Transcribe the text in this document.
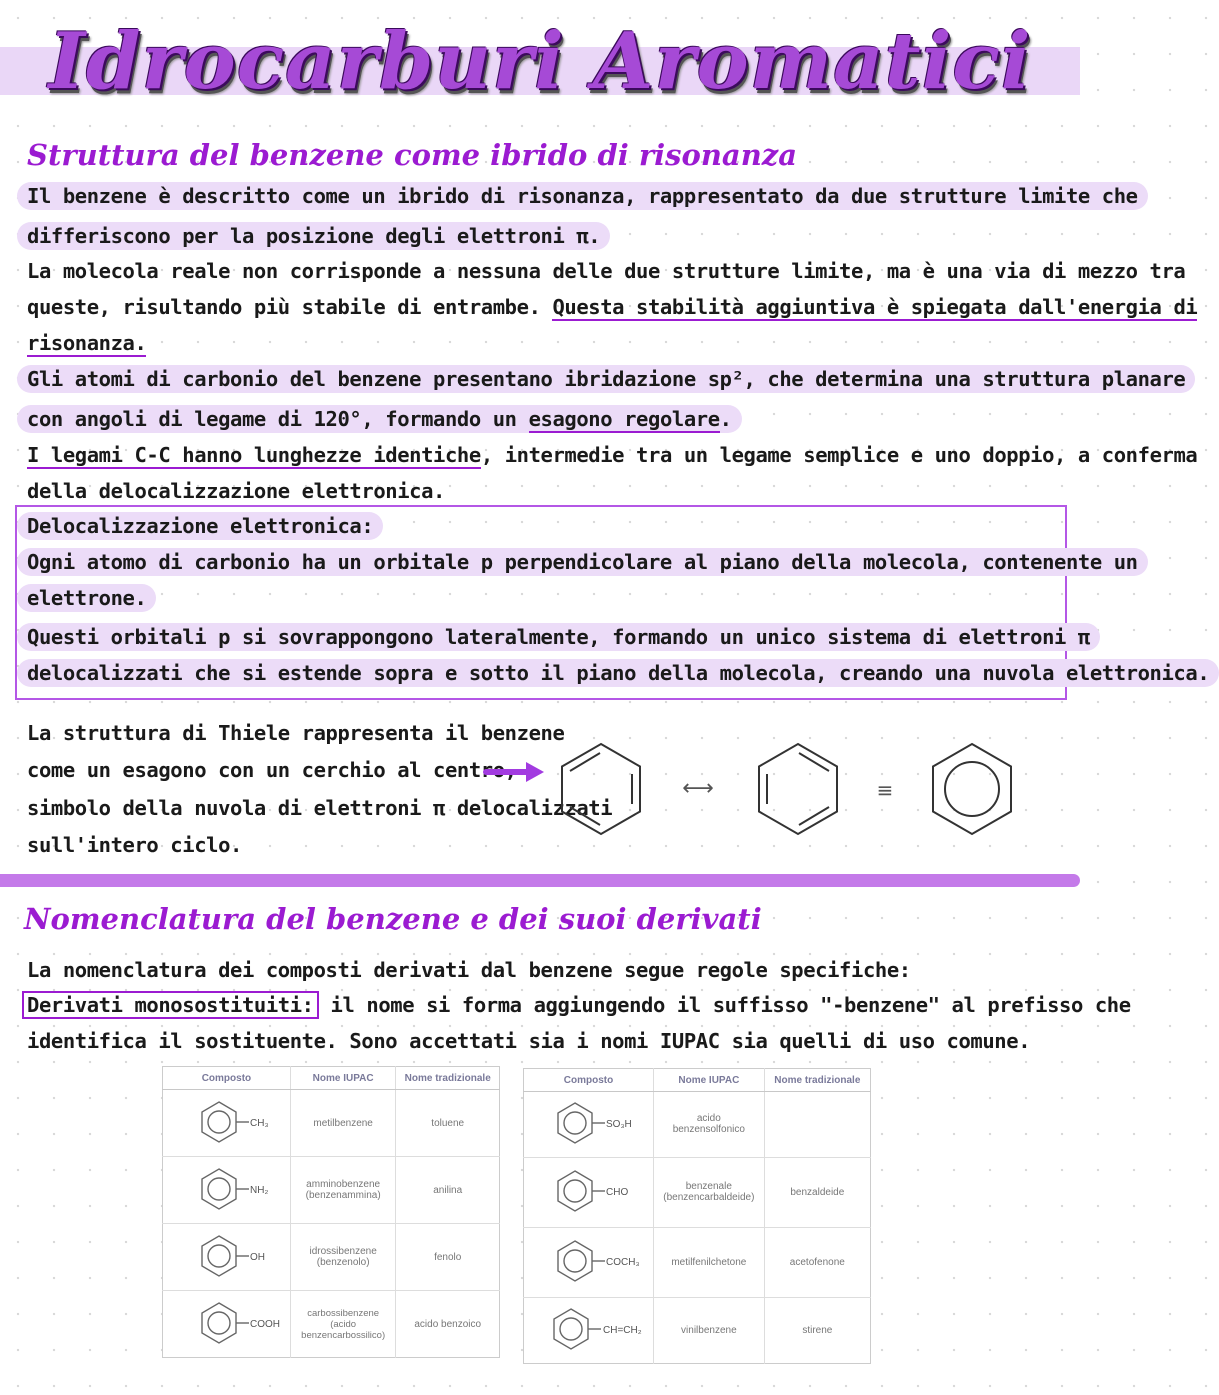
Idrocarburi Aromatici
Struttura del benzene come ibrido di risonanza
Il benzene è descritto come un ibrido di risonanza, rappresentato da due strutture limite che
differiscono per la posizione degli elettroni π.
La molecola reale non corrisponde a nessuna delle due strutture limite, ma è una via di mezzo tra
queste, risultando più stabile di entrambe. Questa stabilità aggiuntiva è spiegata dall'energia di
risonanza.
Gli atomi di carbonio del benzene presentano ibridazione sp², che determina una struttura planare
con angoli di legame di 120°, formando un esagono regolare.
I legami C-C hanno lunghezze identiche, intermedie tra un legame semplice e uno doppio, a conferma
della delocalizzazione elettronica.
Delocalizzazione elettronica:
Ogni atomo di carbonio ha un orbitale p perpendicolare al piano della molecola, contenente un
elettrone.
Questi orbitali p si sovrappongono lateralmente, formando un unico sistema di elettroni π
delocalizzati che si estende sopra e sotto il piano della molecola, creando una nuvola elettronica.
La struttura di Thiele rappresenta il benzene
come un esagono con un cerchio al centro,
simbolo della nuvola di elettroni π delocalizzati
sull'intero ciclo.
⟷	≡
Nomenclatura del benzene e dei suoi derivati
La nomenclatura dei composti derivati dal benzene segue regole specifiche:
Derivati monosostituiti: il nome si forma aggiungendo il suffisso "-benzene" al prefisso che
identifica il sostituente. Sono accettati sia i nomi IUPAC sia quelli di uso comune.
Composto	Nome IUPAC	Nome tradizionale

CH₃	metilbenzene	toluene

NH₂	amminobenzene
(benzenammina)	anilina

OH	idrossibenzene
(benzenolo)	fenolo

COOH	carbossibenzene
(acido benzencarbossilico)	acido benzoico
Composto	Nome IUPAC	Nome tradizionale

SO₃H	acido
benzensolfonico	

CHO	benzenale
(benzencarbaldeide)	benzaldeide

COCH₃	metilfenilchetone	acetofenone

CH=CH₂	vinilbenzene	stirene
